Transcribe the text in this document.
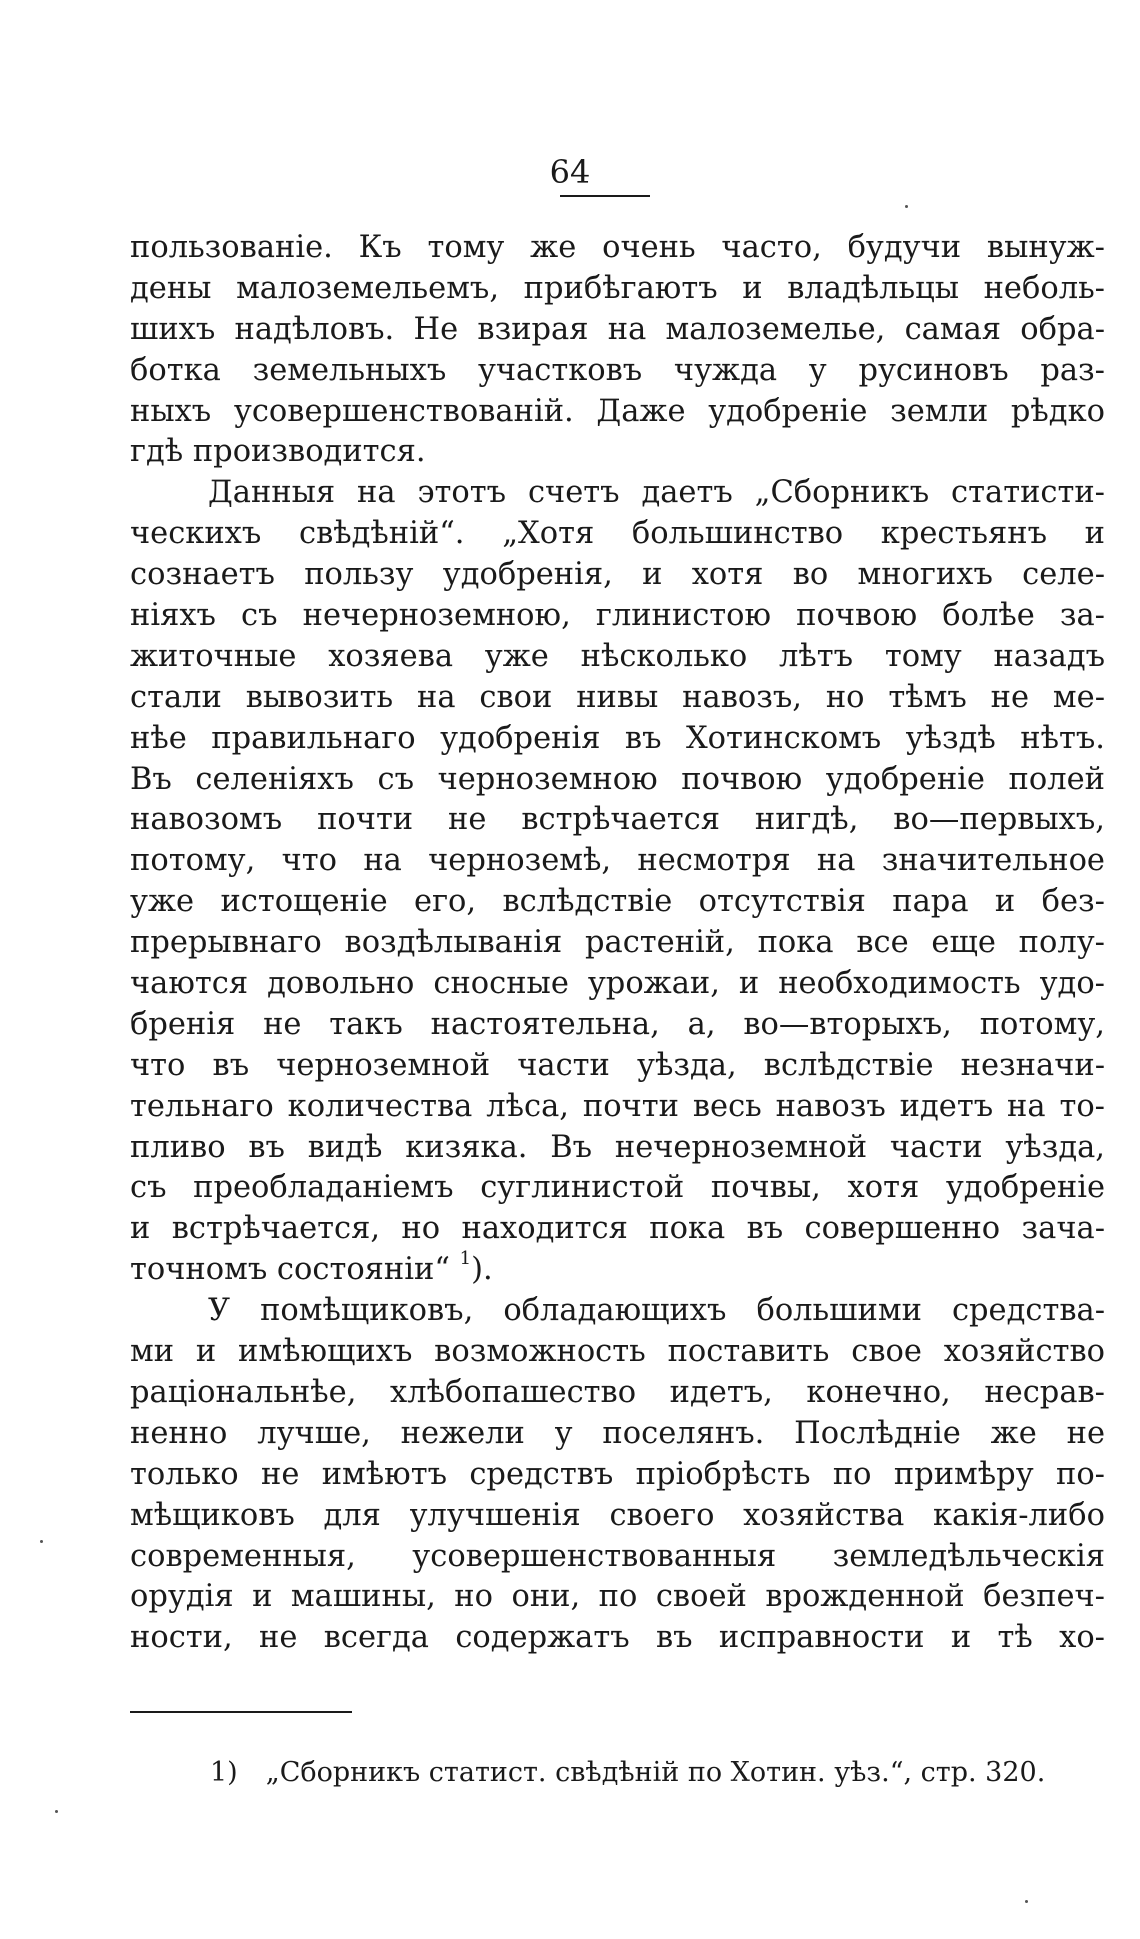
64
пользованіе. Къ тому же очень часто, будучи вынуж-
дены малоземельемъ, прибѣгаютъ и владѣльцы неболь-
шихъ надѣловъ. Не взирая на малоземелье, самая обра-
ботка земельныхъ участковъ чужда у русиновъ раз-
ныхъ усовершенствованій. Даже удобреніе земли рѣдко
гдѣ производится.
Данныя на этотъ счетъ даетъ „Сборникъ статисти-
ческихъ свѣдѣній“. „Хотя большинство крестьянъ и
сознаетъ пользу удобренія, и хотя во многихъ селе-
ніяхъ съ нечерноземною, глинистою почвою болѣе за-
житочные хозяева уже нѣсколько лѣтъ тому назадъ
стали вывозить на свои нивы навозъ, но тѣмъ не ме-
нѣе правильнаго удобренія въ Хотинскомъ уѣздѣ нѣтъ.
Въ селеніяхъ съ черноземною почвою удобреніе полей
навозомъ почти не встрѣчается нигдѣ, во—первыхъ,
потому, что на черноземѣ, несмотря на значительное
уже истощеніе его, вслѣдствіе отсутствія пара и без-
прерывнаго воздѣлыванія растеній, пока все еще полу-
чаются довольно сносные урожаи, и необходимость удо-
бренія не такъ настоятельна, а, во—вторыхъ, потому,
что въ черноземной части уѣзда, вслѣдствіе незначи-
тельнаго количества лѣса, почти весь навозъ идетъ на то-
пливо въ видѣ кизяка. Въ нечерноземной части уѣзда,
съ преобладаніемъ суглинистой почвы, хотя удобреніе
и встрѣчается, но находится пока въ совершенно зача-
точномъ состояніи“ $^1$).
У помѣщиковъ, обладающихъ большими средства-
ми и имѣющихъ возможность поставить свое хозяйство
раціональнѣе, хлѣбопашество идетъ, конечно, несрав-
ненно лучше, нежели у поселянъ. Послѣдніе же не
только не имѣютъ средствъ пріобрѣсть по примѣру по-
мѣщиковъ для улучшенія своего хозяйства какія-либо
современныя, усовершенствованныя земледѣльческія
орудія и машины, но они, по своей врожденной безпеч-
ности, не всегда содержатъ въ исправности и тѣ хо-
1) „Сборникъ статист. свѣдѣній по Хотин. уѣз.“, стр. 320.
